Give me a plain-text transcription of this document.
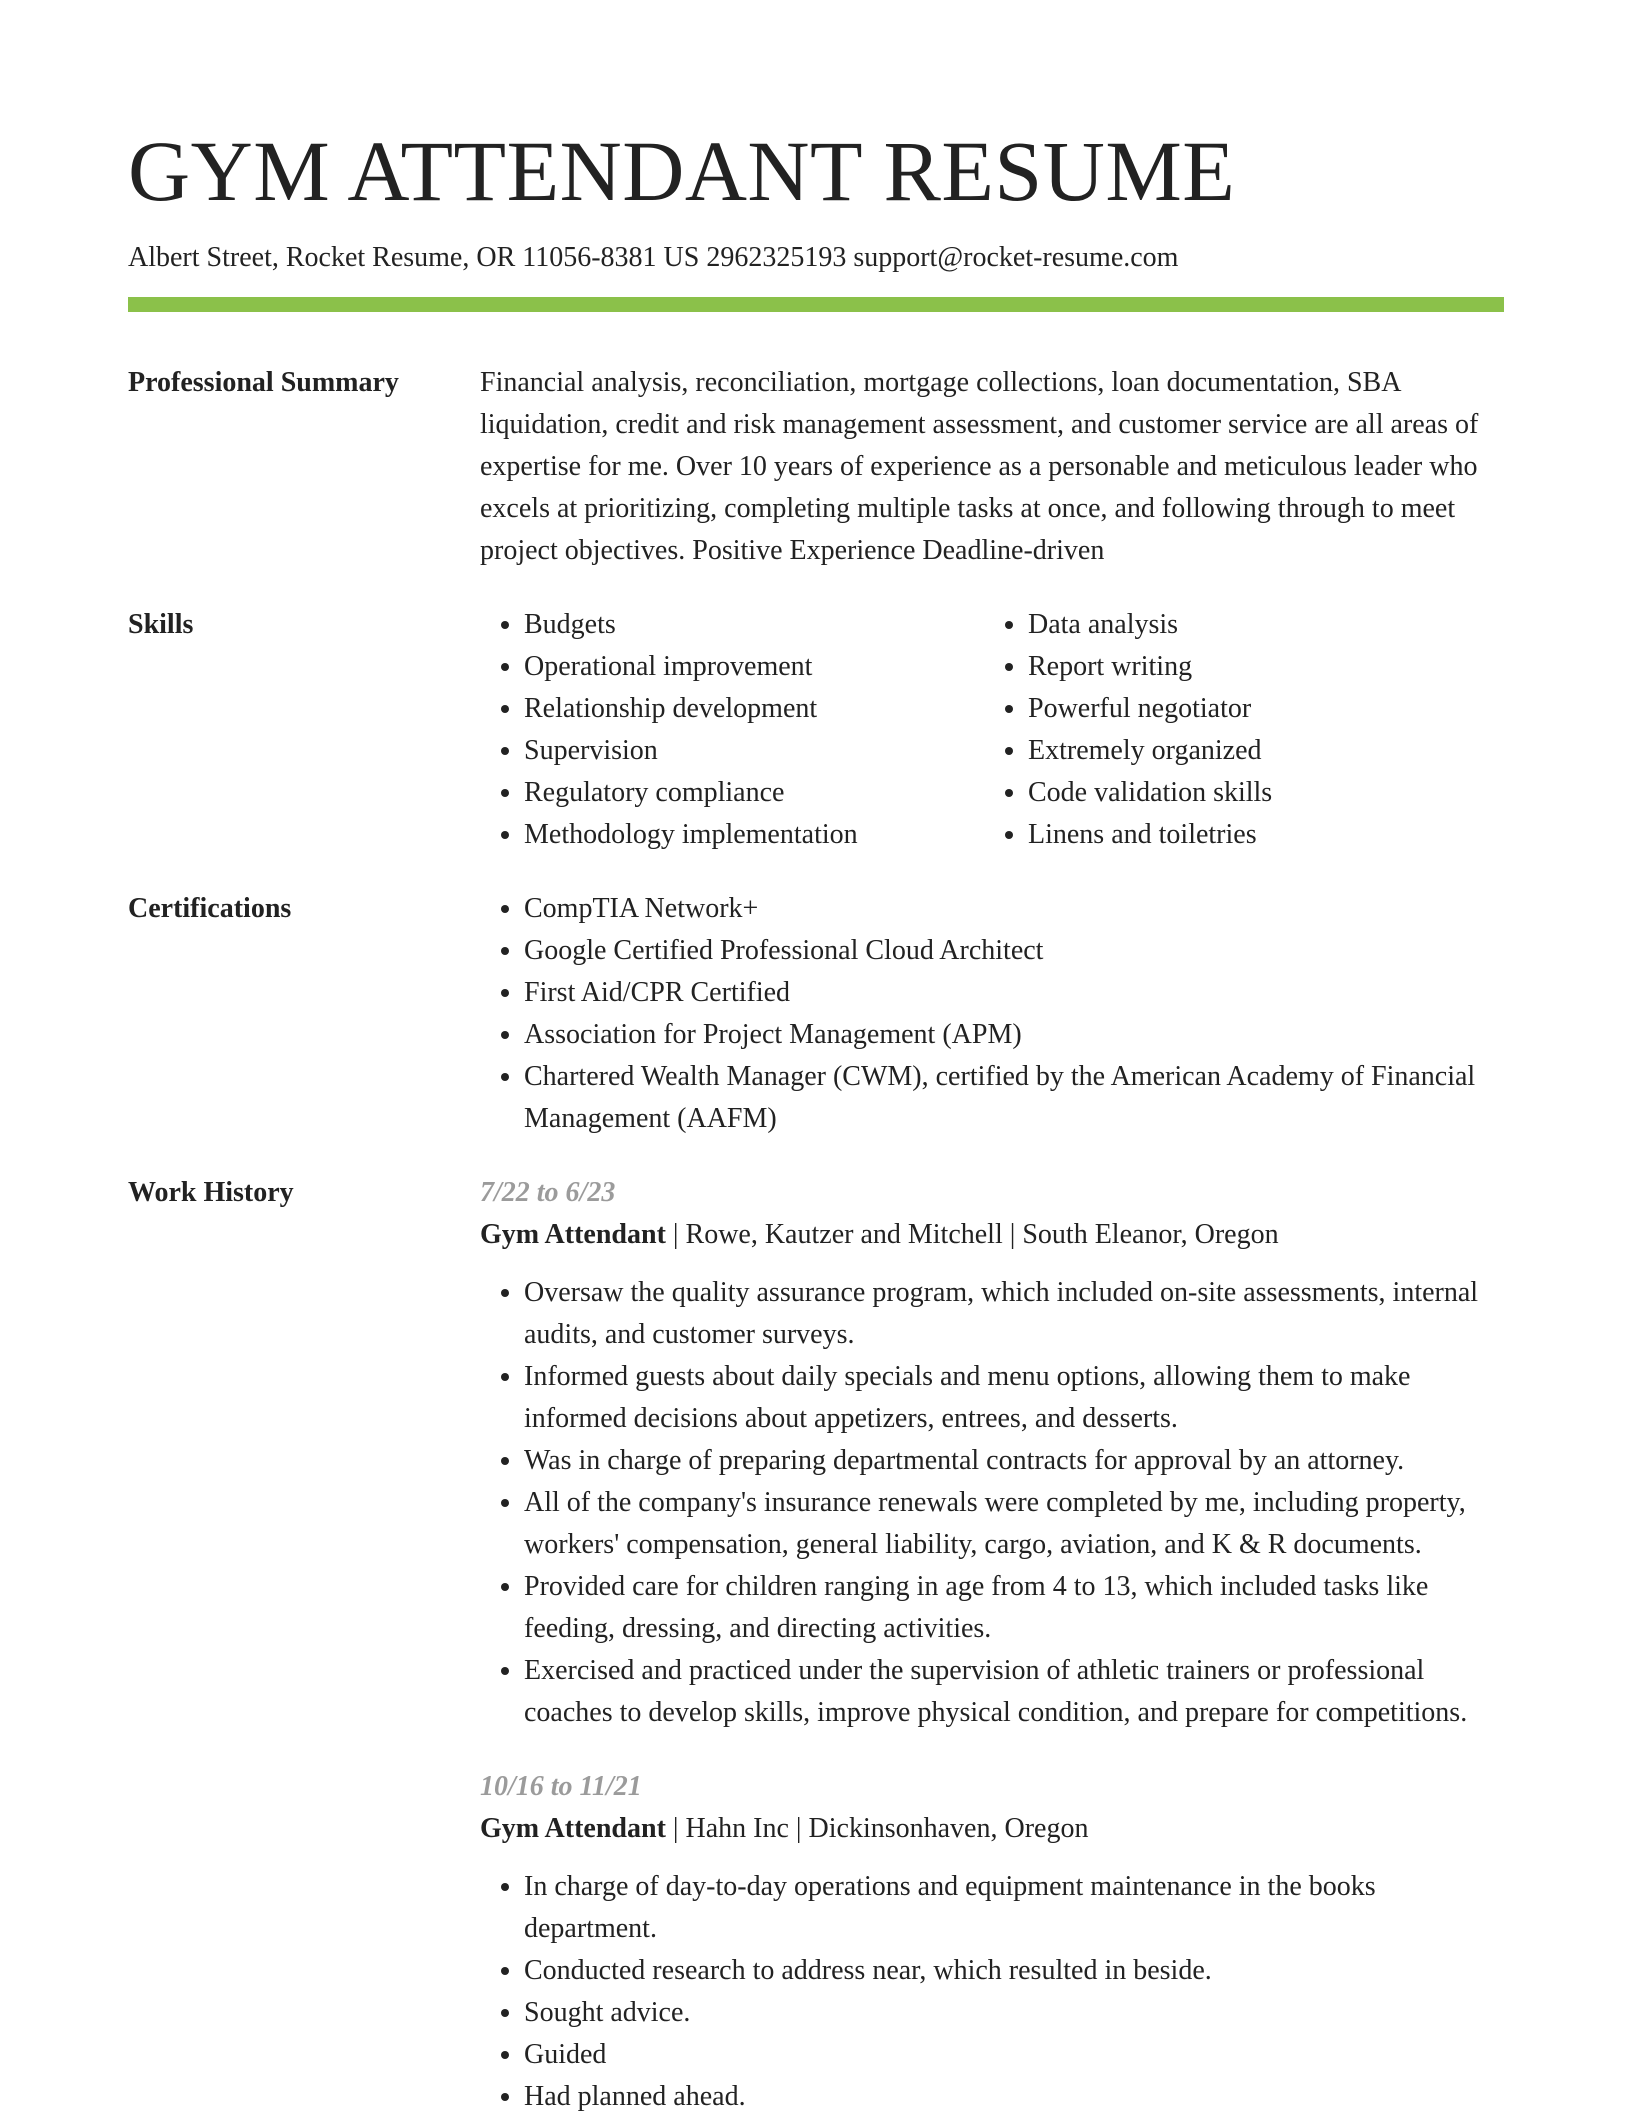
GYM ATTENDANT RESUME
Albert Street, Rocket Resume, OR 11056-8381 US 2962325193 support@rocket-resume.com
Professional Summary	Financial analysis, reconciliation, mortgage collections, loan documentation, SBA liquidation, credit and risk management assessment, and customer service are all areas of expertise for me. Over 10 years of experience as a personable and meticulous leader who excels at prioritizing, completing multiple tasks at once, and following through to meet project objectives. Positive Experience Deadline-driven
Skills	• Budgets
• Operational improvement
• Relationship development
• Supervision
• Regulatory compliance
• Methodology implementation
• Data analysis
• Report writing
• Powerful negotiator
• Extremely organized
• Code validation skills
• Linens and toiletries
Certifications	• CompTIA Network+
• Google Certified Professional Cloud Architect
• First Aid/CPR Certified
• Association for Project Management (APM)
• Chartered Wealth Manager (CWM), certified by the American Academy of Financial Management (AAFM)
Work History	7/22 to 6/23
Gym Attendant | Rowe, Kautzer and Mitchell | South Eleanor, Oregon
• Oversaw the quality assurance program, which included on-site assessments, internal audits, and customer surveys.
• Informed guests about daily specials and menu options, allowing them to make informed decisions about appetizers, entrees, and desserts.
• Was in charge of preparing departmental contracts for approval by an attorney.
• All of the company's insurance renewals were completed by me, including property, workers' compensation, general liability, cargo, aviation, and K & R documents.
• Provided care for children ranging in age from 4 to 13, which included tasks like feeding, dressing, and directing activities.
• Exercised and practiced under the supervision of athletic trainers or professional coaches to develop skills, improve physical condition, and prepare for competitions.
10/16 to 11/21
Gym Attendant | Hahn Inc | Dickinsonhaven, Oregon
• In charge of day-to-day operations and equipment maintenance in the books department.
• Conducted research to address near, which resulted in beside.
• Sought advice.
• Guided
• Had planned ahead.
